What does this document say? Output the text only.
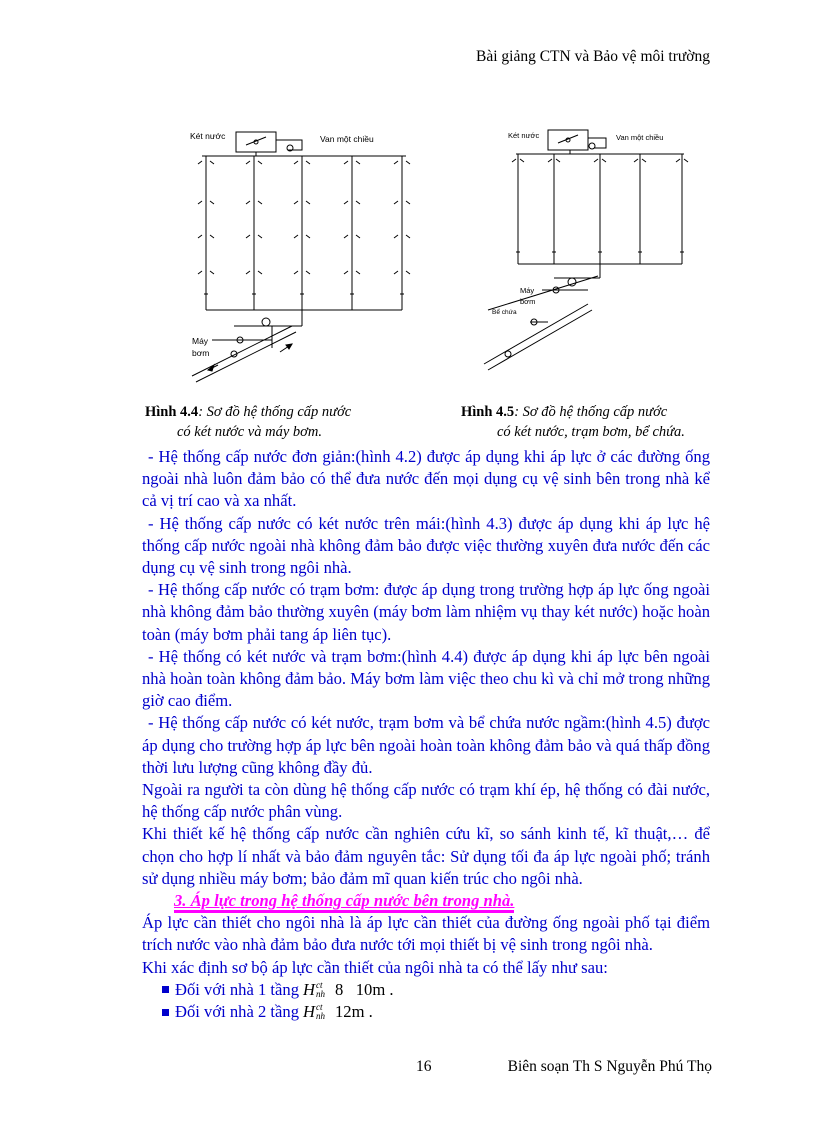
Bài giảng CTN và Bảo vệ môi trường
Két nước	Van một chiều
Máy
bơm
Két nước	Van một chiều
Máy
bơm
Bể chứa
Hình 4.4: Sơ đồ hệ thống cấp nước
có két nước và máy bơm.
Hình 4.5: Sơ đồ hệ thống cấp nước
có két nước, trạm bơm, bể chứa.

- Hệ thống cấp nước đơn giản:(hình 4.2) được áp dụng khi áp lực ở các đường ống ngoài nhà luôn đảm bảo có thể đưa nước đến mọi dụng cụ vệ sinh bên trong nhà kể cả vị trí cao và xa nhất.

- Hệ thống cấp nước có két nước trên mái:(hình 4.3) được áp dụng khi áp lực hệ thống cấp nước ngoài nhà không đảm bảo được việc thường xuyên đưa nước đến các dụng cụ vệ sinh trong ngôi nhà.

- Hệ thống cấp nước có trạm bơm: được áp dụng trong trường hợp áp lực ống ngoài nhà không đảm bảo thường xuyên (máy bơm làm nhiệm vụ thay két nước) hoặc hoàn toàn (máy bơm phải tang áp liên tục).

- Hệ thống có két nước và trạm bơm:(hình 4.4) được áp dụng khi áp lực bên ngoài nhà hoàn toàn không đảm bảo. Máy bơm làm việc theo chu kì và chỉ mở trong những giờ cao điểm.

- Hệ thống cấp nước có két nước, trạm bơm và bể chứa nước ngầm:(hình 4.5) được áp dụng cho trường hợp áp lực bên ngoài hoàn toàn không đảm bảo và quá thấp đồng thời lưu lượng cũng không đầy đủ.

Ngoài ra người ta còn dùng hệ thống cấp nước có trạm khí ép, hệ thống có đài nước, hệ thống cấp nước phân vùng.

Khi thiết kế hệ thống cấp nước cần nghiên cứu kĩ, so sánh kinh tế, kĩ thuật,… để chọn cho hợp lí nhất và bảo đảm nguyên tắc: Sử dụng tối đa áp lực ngoài phố; tránh sử dụng nhiều máy bơm; bảo đảm mĩ quan kiến trúc cho ngôi nhà.

3. Áp lực trong hệ thống cấp nước bên trong nhà.

Áp lực cần thiết cho ngôi nhà là áp lực cần thiết của đường ống ngoài phố tại điểm trích nước vào nhà đảm bảo đưa nước tới mọi thiết bị vệ sinh trong ngôi nhà.

Khi xác định sơ bộ áp lực cần thiết của ngôi nhà ta có thể lấy như sau:

Đối với nhà 1 tầng H ct
nh 8   10m .

Đối với nhà 2 tầng H ct
nh 12m .

16	Biên soạn Th S Nguyễn Phú Thọ
